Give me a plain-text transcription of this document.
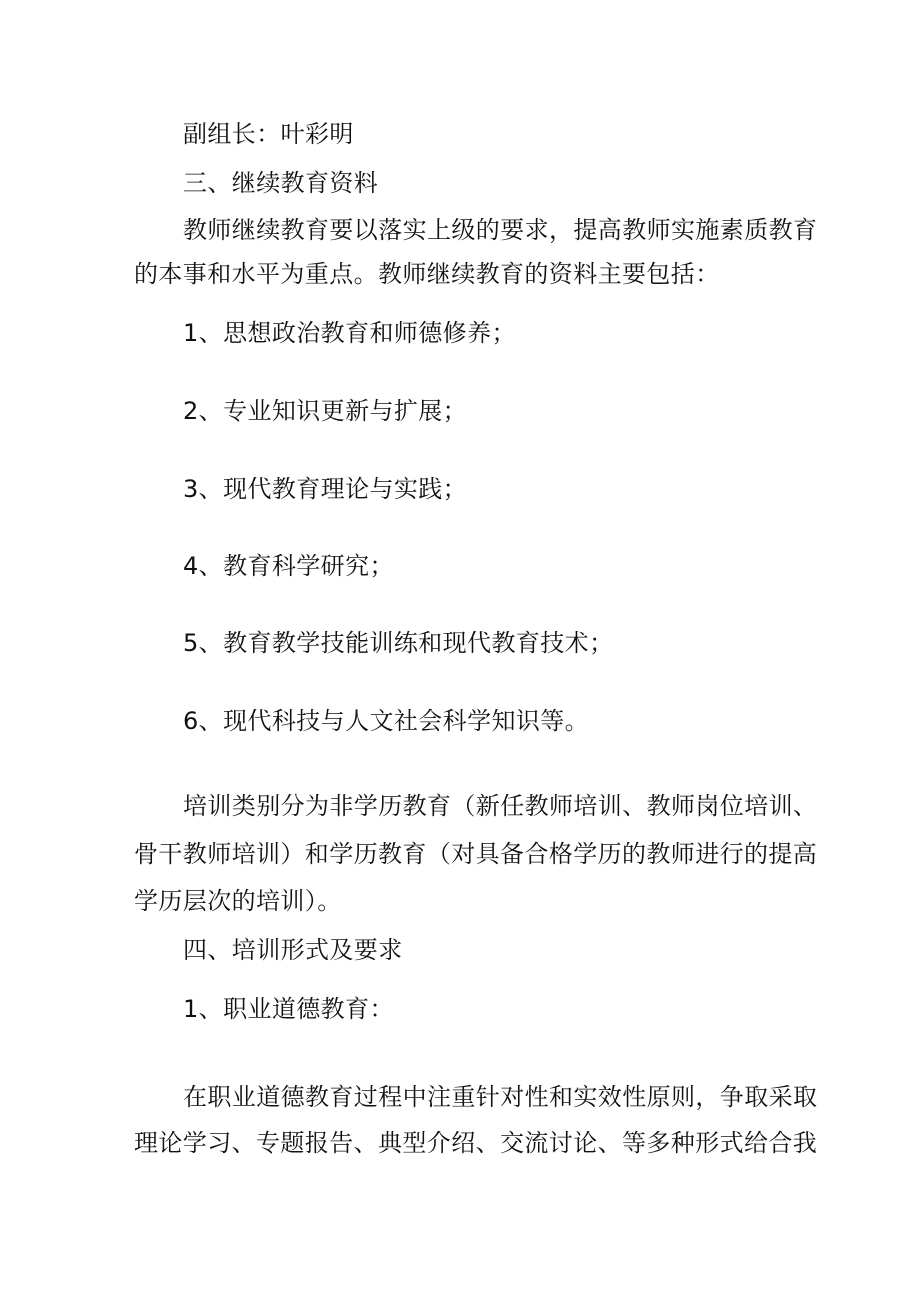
副组长：叶彩明
三、继续教育资料
教师继续教育要以落实上级的要求，提高教师实施素质教育
的本事和水平为重点。教师继续教育的资料主要包括：
1、思想政治教育和师德修养；
2、专业知识更新与扩展；
3、现代教育理论与实践；
4、教育科学研究；
5、教育教学技能训练和现代教育技术；
6、现代科技与人文社会科学知识等。
培训类别分为非学历教育（新任教师培训、教师岗位培训、
骨干教师培训）和学历教育（对具备合格学历的教师进行的提高
学历层次的培训）。
四、培训形式及要求
1、职业道德教育：
在职业道德教育过程中注重针对性和实效性原则，争取采取
理论学习、专题报告、典型介绍、交流讨论、等多种形式给合我
